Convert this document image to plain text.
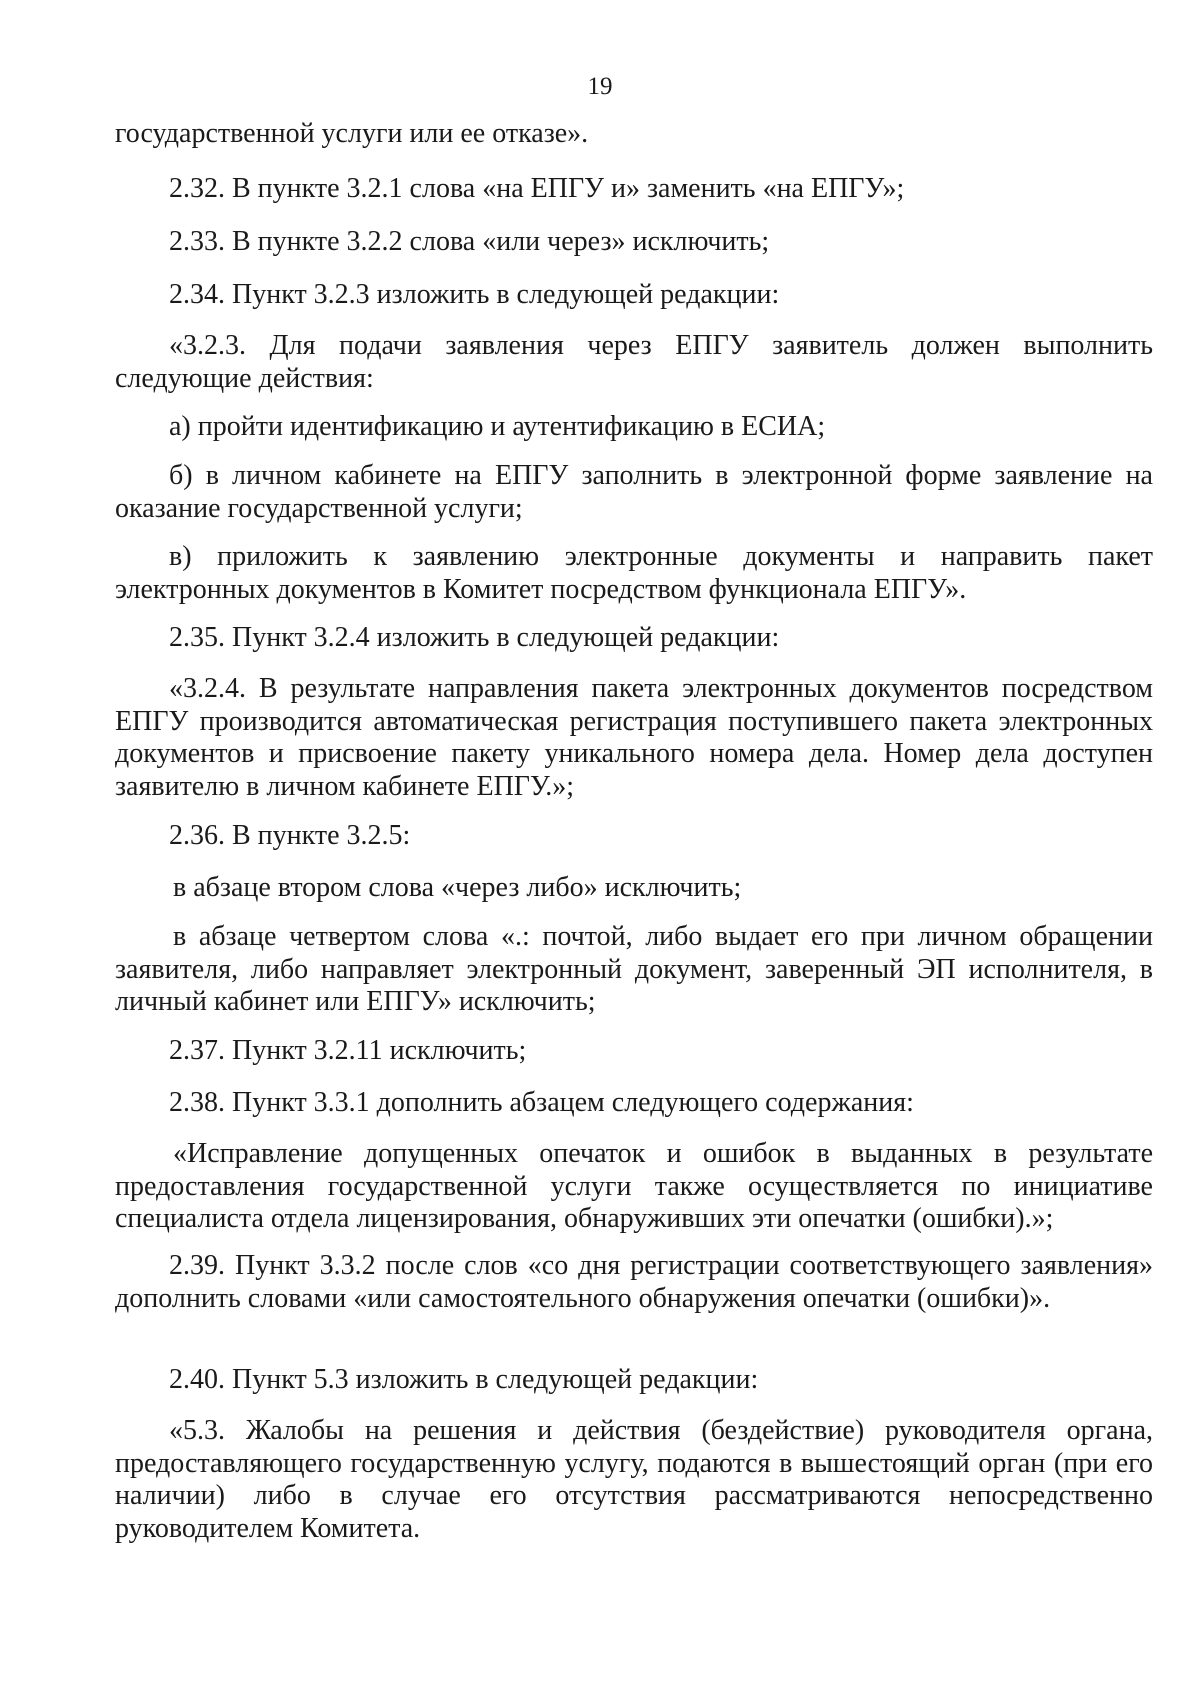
19
государственной услуги или ее отказе».
2.32. В пункте 3.2.1 слова «на ЕПГУ и» заменить «на ЕПГУ»;
2.33. В пункте 3.2.2 слова «или через» исключить;
2.34. Пункт 3.2.3 изложить в следующей редакции:
«3.2.3. Для подачи заявления через ЕПГУ заявитель должен выполнить следующие действия:
а) пройти идентификацию и аутентификацию в ЕСИА;
б) в личном кабинете на ЕПГУ заполнить в электронной форме заявление на оказание государственной услуги;
в) приложить к заявлению электронные документы и направить пакет электронных документов в Комитет посредством функционала ЕПГУ».
2.35. Пункт 3.2.4 изложить в следующей редакции:
«3.2.4. В результате направления пакета электронных документов посредством ЕПГУ производится автоматическая регистрация поступившего пакета электронных документов и присвоение пакету уникального номера дела. Номер дела доступен заявителю в личном кабинете ЕПГУ.»;
2.36. В пункте 3.2.5:
в абзаце втором слова «через либо» исключить;
в абзаце четвертом слова «.: почтой, либо выдает его при личном обращении заявителя, либо направляет электронный документ, заверенный ЭП исполнителя, в личный кабинет или ЕПГУ» исключить;
2.37. Пункт 3.2.11 исключить;
2.38. Пункт 3.3.1 дополнить абзацем следующего содержания:
«Исправление допущенных опечаток и ошибок в выданных в результате предоставления государственной услуги также осуществляется по инициативе специалиста отдела лицензирования, обнаруживших эти опечатки (ошибки).»;
2.39. Пункт 3.3.2 после слов «со дня регистрации соответствующего заявления» дополнить словами «или самостоятельного обнаружения опечатки (ошибки)».
2.40. Пункт 5.3 изложить в следующей редакции:
«5.3. Жалобы на решения и действия (бездействие) руководителя органа, предоставляющего государственную услугу, подаются в вышестоящий орган (при его наличии) либо в случае его отсутствия рассматриваются непосредственно руководителем Комитета.
